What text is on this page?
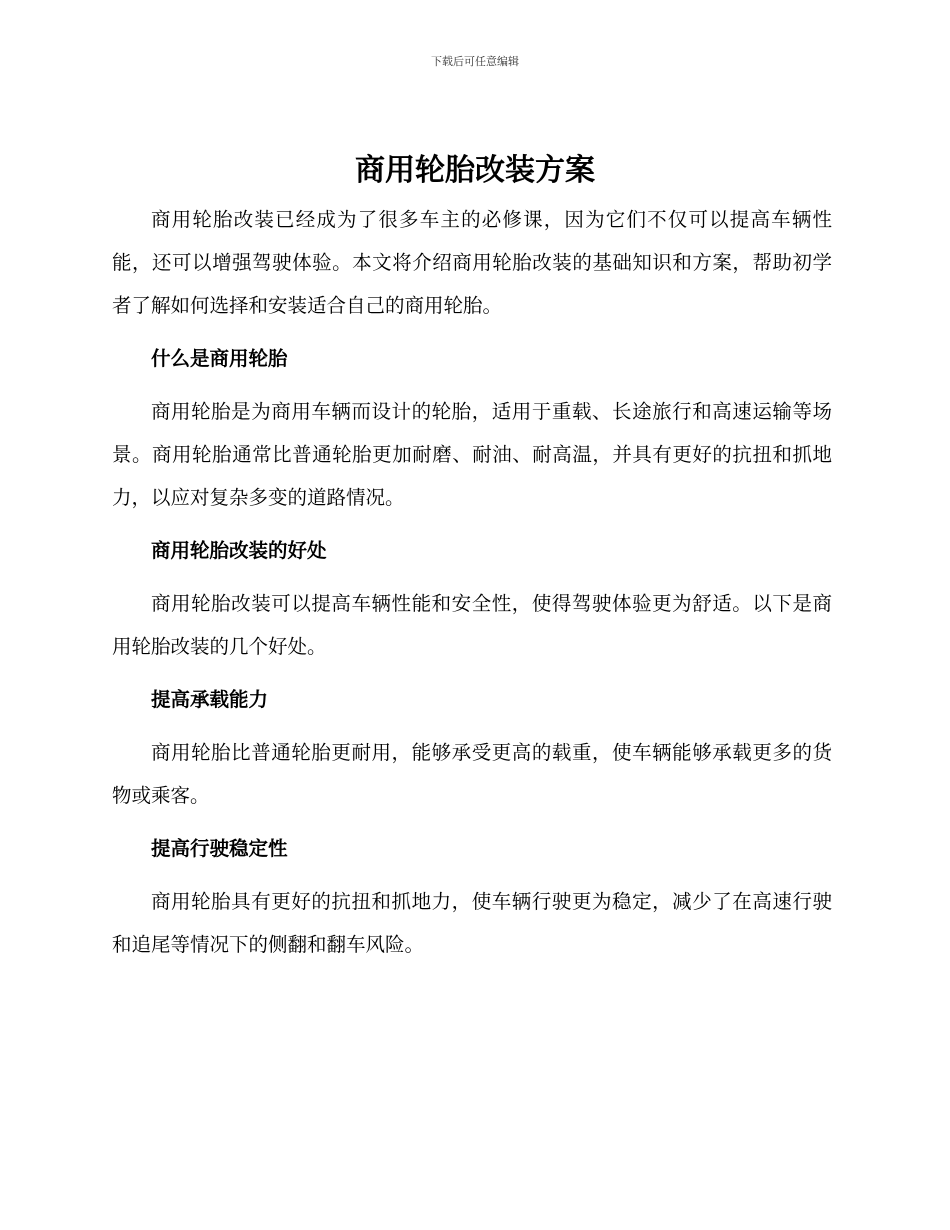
下载后可任意编辑
商用轮胎改装方案

商用轮胎改装已经成为了很多车主的必修课，因为它们不仅可以提高车辆性能，还可以增强驾驶体验。本文将介绍商用轮胎改装的基础知识和方案，帮助初学者了解如何选择和安装适合自己的商用轮胎。

什么是商用轮胎

商用轮胎是为商用车辆而设计的轮胎，适用于重载、长途旅行和高速运输等场景。商用轮胎通常比普通轮胎更加耐磨、耐油、耐高温，并具有更好的抗扭和抓地力，以应对复杂多变的道路情况。

商用轮胎改装的好处

商用轮胎改装可以提高车辆性能和安全性，使得驾驶体验更为舒适。以下是商用轮胎改装的几个好处。

提高承载能力

商用轮胎比普通轮胎更耐用，能够承受更高的载重，使车辆能够承载更多的货物或乘客。

提高行驶稳定性

商用轮胎具有更好的抗扭和抓地力，使车辆行驶更为稳定，减少了在高速行驶和追尾等情况下的侧翻和翻车风险。
